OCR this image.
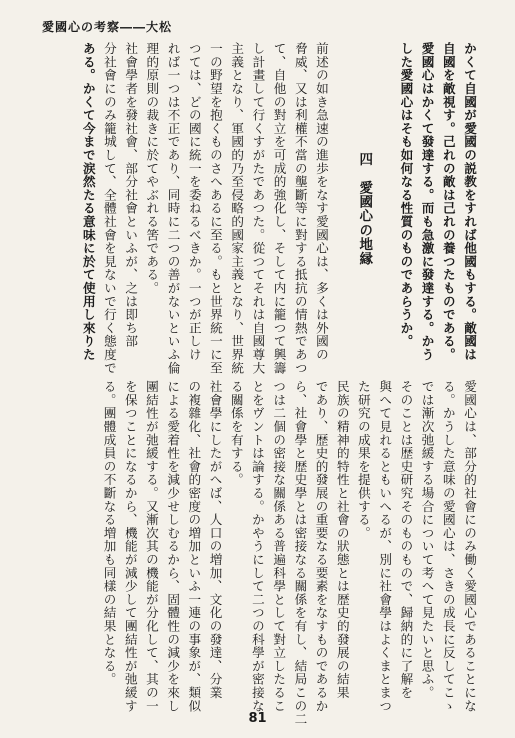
愛國心の考察――大松
かくて自國が愛國の説教をすれば他國もする。敵國は
自國を敵視す。己れの敵は己れの養つたものである。
愛國心はかくて發達する。而も急激に發達する。かう
した愛國心はそも如何なる性質のものであらうか。
四　愛國心の地縁
前述の如き急速の進歩をなす愛國心は、多くは外國の
脅威、又は利權不當の壟斷等に對する抵抗の情熱であつ
て、自他の對立を可成的強化し、そして内に籠つて興籌
し計畫して行くすがたであつた。從つてそれは自國尊大
主義となり、軍國的乃至侵略的國家主義となり、世界統
一の野望を抱くものさへあるに至る。もと世界統一に至
つては、どの國に統一を委ねるべきか。一つが正しけ
れば一つは不正であり、同時に二つの善がないといふ倫
理的原則の裁きに於てやぶれる筈である。
社會學者を發社會、部分社會といふが、之は即ち部
分社會にのみ籠城して、全體社會を見ないで行く態度で
ある。かくて今まで涙然たる意味に於て使用し來りた
愛國心は、部分的社會にのみ働く愛國心であることにな
る。かうした意味の愛國心は、さきの成長に反してこゝ
では漸次弛緩する場合について考へて見たいと思ふ。
そのことは歴史研究そのものもので、歸納的に了解を
與へて見れるともいへるが、別に社會學はよくまとまつ
た研究の成果を提供する。
民族の精神的特性と社會の狀態とは歴史的發展の結果
であり、歴史的發展の重要なる要素をなすものであるか
ら、社會學と歴史學とは密接なる關係を有し、結局この二
つは二個の密接な關係ある普遍科學として對立したるこ
とをヴントは論する。かやうにして二つの科學が密接な
る關係を有する。
社會學にしたがへば、人口の増加、文化の發達、分業
の複雜化、社會的密度の増加といふ一連の事象が、類似
による愛着性を減少せしむるから、固體性の減少を來し
團結性が弛緩する。又漸次其の機能が分化して、其の一
を保つことになるから、機能が減少して團結性が弛緩す
る。團體成員の不斷なる増加も同樣の結果となる。
81
